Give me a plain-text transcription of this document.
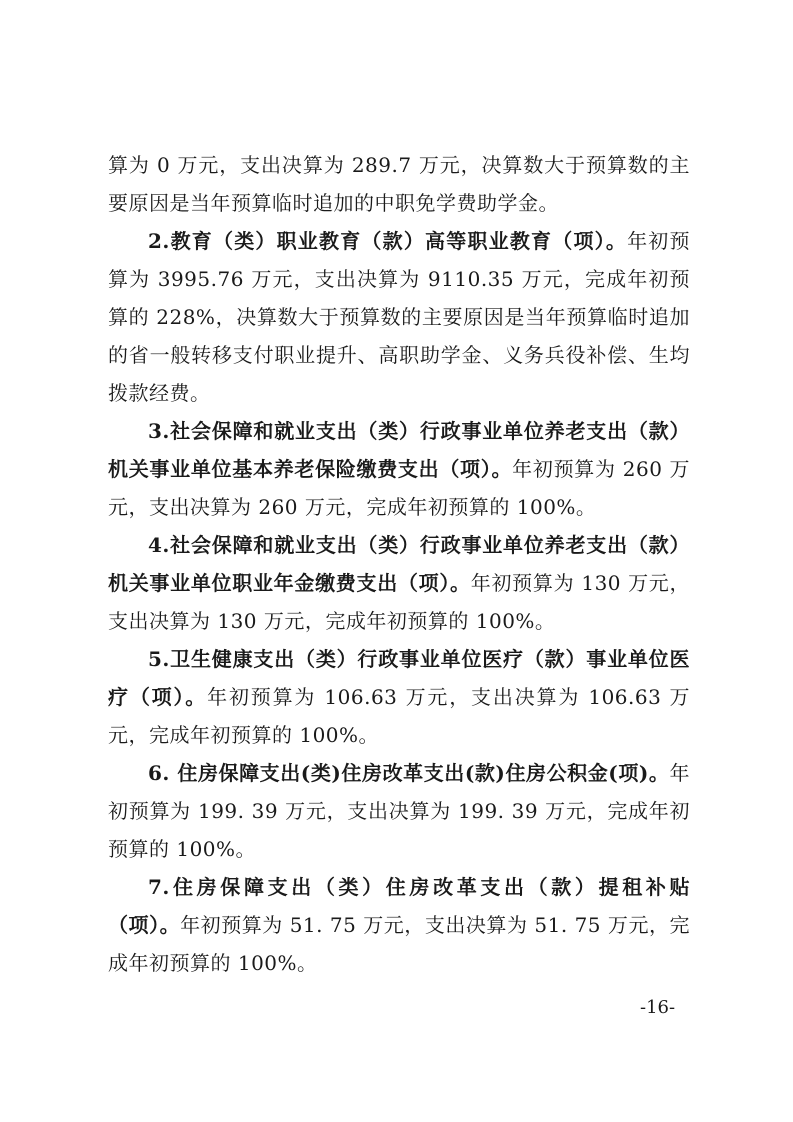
算为 0 万元，支出决算为 289.7 万元，决算数大于预算数的主要原因是当年预算临时追加的中职免学费助学金。

2.教育（类）职业教育（款）高等职业教育（项）。年初预算为 3995.76 万元，支出决算为 9110.35 万元，完成年初预算的 228%，决算数大于预算数的主要原因是当年预算临时追加的省一般转移支付职业提升、高职助学金、义务兵役补偿、生均拨款经费。

3.社会保障和就业支出（类）行政事业单位养老支出（款）机关事业单位基本养老保险缴费支出（项）。年初预算为 260 万元，支出决算为 260 万元，完成年初预算的 100%。

4.社会保障和就业支出（类）行政事业单位养老支出（款）机关事业单位职业年金缴费支出（项）。年初预算为 130 万元，支出决算为 130 万元，完成年初预算的 100%。

5.卫生健康支出（类）行政事业单位医疗（款）事业单位医疗（项）。年初预算为 106.63 万元，支出决算为 106.63 万元，完成年初预算的 100%。

6. 住房保障支出(类)住房改革支出(款)住房公积金(项)。年初预算为 199. 39 万元，支出决算为 199. 39 万元，完成年初预算的 100%。

7.住房保障支出（类）住房改革支出（款）提租补贴（项）。年初预算为 51. 75 万元，支出决算为 51. 75 万元，完成年初预算的 100%。

-16-
